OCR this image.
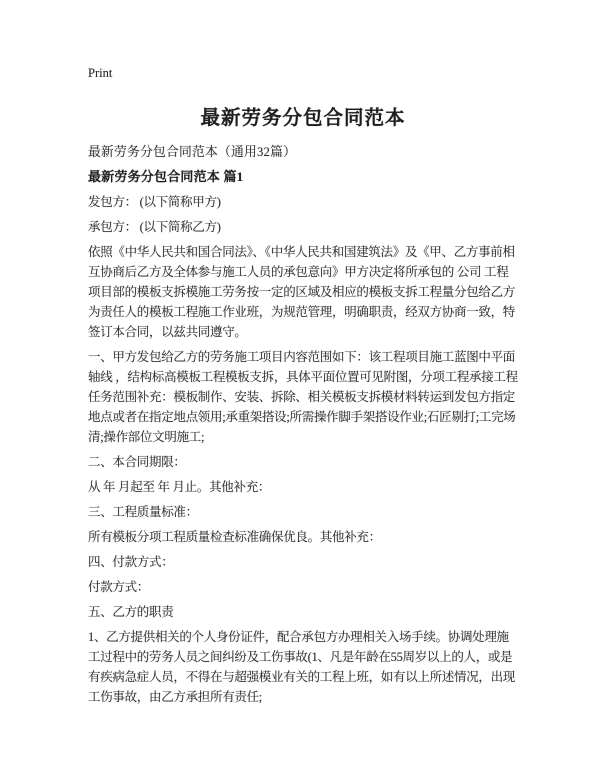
Print
最新劳务分包合同范本

最新劳务分包合同范本（通用32篇）

最新劳务分包合同范本 篇1

发包方： (以下简称甲方)

承包方： (以下简称乙方)

依照《中华人民共和国合同法》、《中华人民共和国建筑法》及《甲、乙方事前相互协商后乙方及全体参与施工人员的承包意向》甲方决定将所承包的 公司 工程项目部的模板支拆模施工劳务按一定的区域及相应的模板支拆工程量分包给乙方 为责任人的模板工程施工作业班，为规范管理，明确职责，经双方协商一致，特签订本合同，以兹共同遵守。

一、甲方发包给乙方的劳务施工项目内容范围如下：该工程项目施工蓝图中平面轴线 ，结构标高模板工程模板支拆，具体平面位置可见附图，分项工程承接工程任务范围补充：模板制作、安装、拆除、相关模板支拆模材料转运到发包方指定地点或者在指定地点领用;承重架搭设;所需操作脚手架搭设作业;石匠剔打;工完场清;操作部位文明施工;

二、本合同期限：

从 年 月起至 年 月止。其他补充：

三、工程质量标准：

所有模板分项工程质量检查标准确保优良。其他补充：

四、付款方式：

付款方式：

五、乙方的职责

1、乙方提供相关的个人身份证件，配合承包方办理相关入场手续。协调处理施工过程中的劳务人员之间纠纷及工伤事故(1、凡是年龄在55周岁以上的人，或是有疾病急症人员，不得在与超强模业有关的工程上班，如有以上所述情况，出现工伤事故，由乙方承担所有责任;
